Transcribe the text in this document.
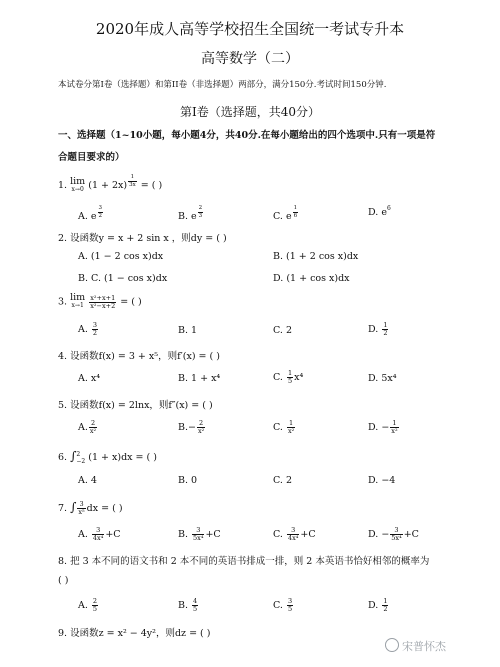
2020年成人高等学校招生全国统一考试专升本
高等数学（二）
本试卷分第I卷（选择题）和第II卷（非选择题）两部分，满分150分.考试时间150分钟.
第I卷（选择题，共40分）
一、选择题（1~10小题，每小题4分，共40分.在每小题给出的四个选项中.只有一项是符
合题目要求的）
1. lim
x→0 (1 + 2x) $^{\frac{1}{3x}}$ = ( )
A. e $^{\frac{3}{2}}$	B. e $^{\frac{2}{3}}$	C. e $^{\frac{1}{6}}$	D. $e^6$
2. 设函数y = x + 2 sin x ，则dy = ( )
A. (1 − 2 cos x)dx	B. (1 + 2 cos x)dx
B. C. (1 − cos x)dx	D. (1 + cos x)dx
3. lim
x→1
$\frac{\text{x²+x+1}}{\text{x²−x+2}}$ = ( )
A. $\frac{3}{2}$	B. 1	C. 2	D. $\frac{1}{2}$
4. 设函数f(x) = 3 + x⁵，则f′(x) = ( )
A. x⁴	B. 1 + x⁴	C. $\frac{1}{5} x^4$	D. 5x⁴
5. 设函数f(x) = 2lnx，则f″(x) = ( )
A. $\frac{2}{\text{x²}}$	$B.- \frac{2}{\text{x²}}$	C. $\frac{1}{\text{x²}}$	D. − $\frac{1}{\text{x²}}$
6. ∫ 2
−2 (1 + x)dx = ( )
A. 4	B. 0	C. 2	D. −4
7. ∫ $\frac{3}{\text{x⁵}}$ dx = ( )
A. $\frac{3}{\text{4x⁴}} +C$	B. $\frac{3}{\text{5x⁴}} +C$	C. $\frac{3}{\text{4x⁴}} +C$	D. − $\frac{3}{\text{5x⁴}} +C$
8. 把 3 本不同的语文书和 2 本不同的英语书排成一排，则 2 本英语书恰好相邻的概率为
( )
A. $\frac{2}{5}$	B. $\frac{4}{5}$	C. $\frac{3}{5}$	D. $\frac{1}{2}$
9. 设函数z = x² − 4y²，则dz = ( )
宋普怀杰
